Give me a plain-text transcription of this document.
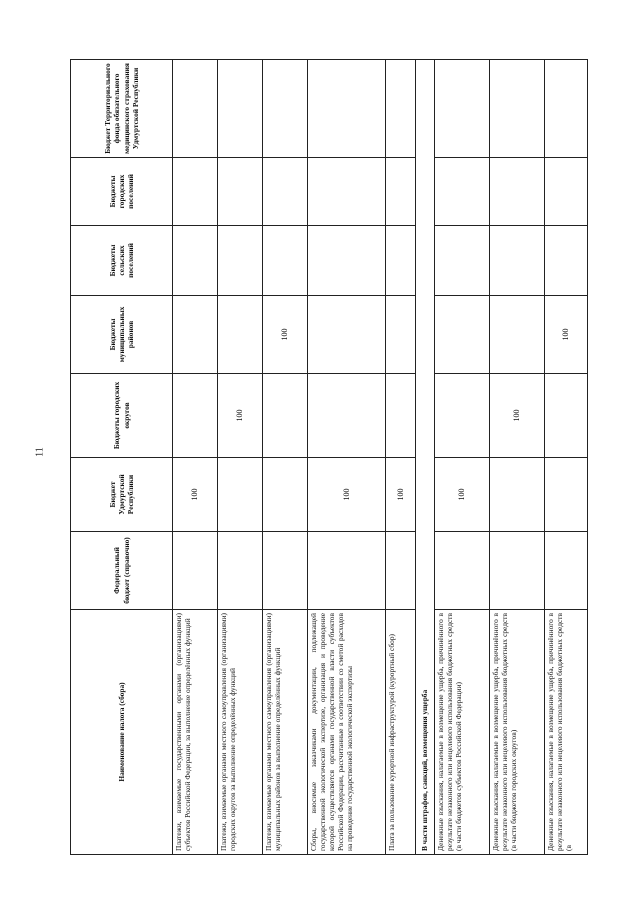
11
Наименование налога (сбора)	Федеральный бюджет (справочно)	Бюджет Удмуртской Республики	Бюджеты городских округов	Бюджеты муниципальных районов	Бюджеты сельских поселений	Бюджеты городских поселений	Бюджет Территориального фонда обязательного медицинского страхования Удмуртской Республики
Платежи, взимаемые государственными органами (организациями) субъектов Российской Федерации, за выполнение определённых функций		100					
Платежи, взимаемые органами местного самоуправления (организациями) городских округов за выполнение определённых функций			100				
Платежи, взимаемые органами местного самоуправления (организациями) муниципальных районов за выполнение определённых функций				100			
Сборы, вносимые заказчиками документации, подлежащей государственной экологической экспертизе, организация и проведение которой осуществляется органами государственной власти субъектов Российской Федерации, рассчитанные в соответствии со сметой расходов на проведение государственной экологической экспертизы		100					
Плата за пользование курортной инфраструктурой (курортный сбор)		100					
В части штрафов, санкций, возмещения ущерба							
Денежные взыскания, налагаемые в возмещение ущерба, причинённого в результате незаконного или нецелевого использования бюджетных средств (в части бюджетов субъектов Российской Федерации)		100					
Денежные взыскания, налагаемые в возмещение ущерба, причинённого в результате незаконного или нецелевого использования бюджетных средств (в части бюджетов городских округов)			100				
Денежные взыскания, налагаемые в возмещение ущерба, причинённого в результате незаконного или нецелевого использования бюджетных средств (в				100			
